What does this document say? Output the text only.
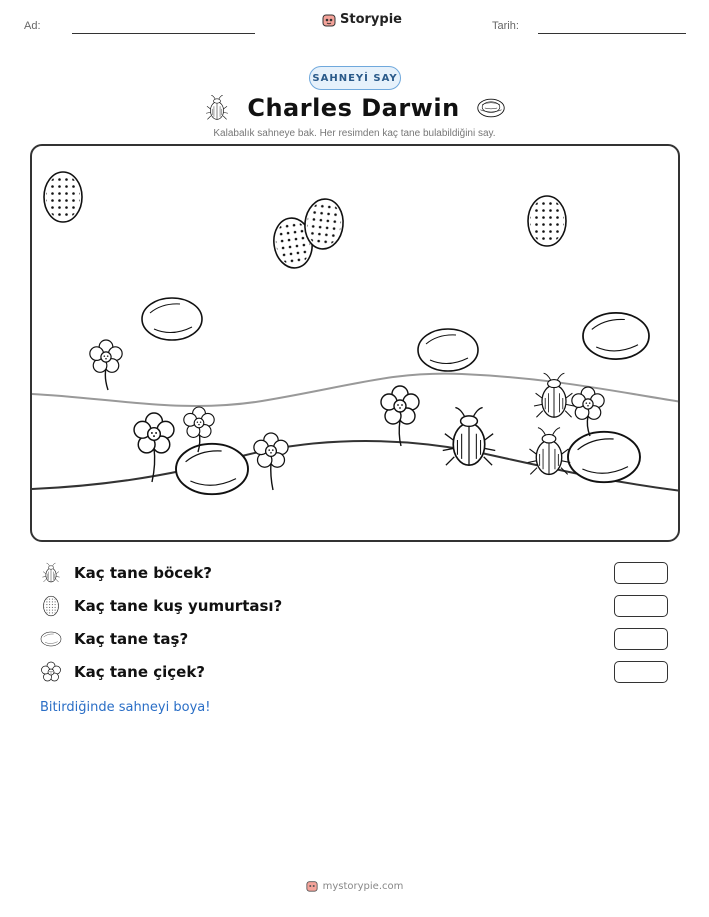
Ad:	Storypie	Tarih:
SAHNEYİ SAY
Charles Darwin
Kalabalık sahneye bak. Her resimden kaç tane bulabildiğini say.
Kaç tane böcek?
Kaç tane kuş yumurtası?
Kaç tane taş?
Kaç tane çiçek?
Bitirdiğinde sahneyi boya!
mystorypie.com
